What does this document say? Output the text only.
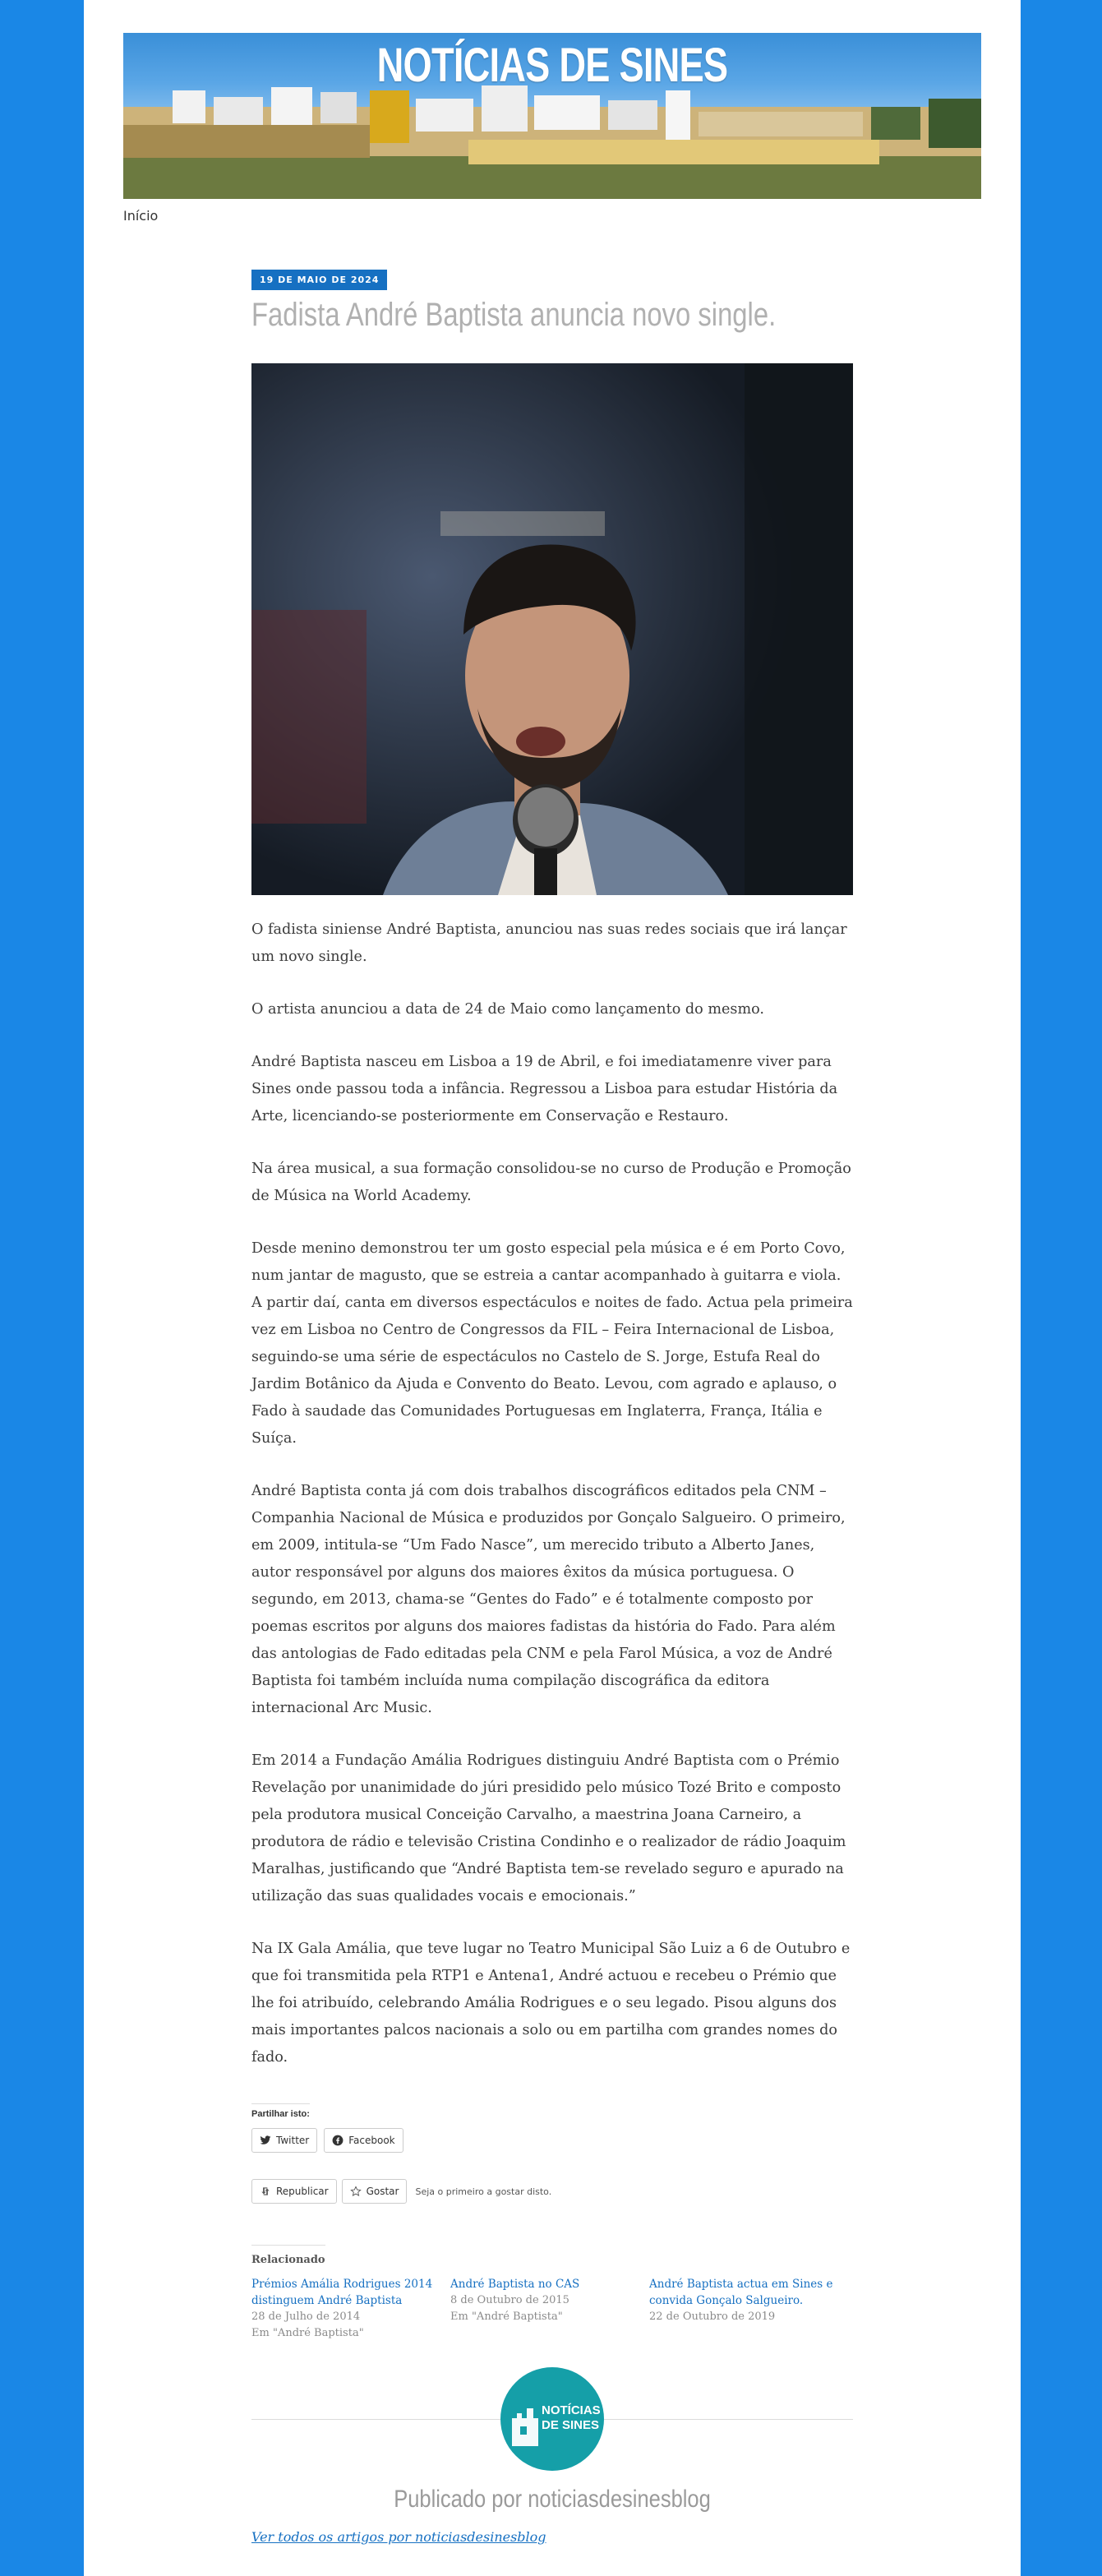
NOTÍCIAS DE SINES
Início
19 DE MAIO DE 2024
Fadista André Baptista anuncia novo single.

O fadista siniense André Baptista, anunciou nas suas redes sociais que irá lançar um novo single.

O artista anunciou a data de 24 de Maio como lançamento do mesmo.

André Baptista nasceu em Lisboa a 19 de Abril, e foi imediatamenre viver para Sines onde passou toda a infância. Regressou a Lisboa para estudar História da Arte, licenciando-se posteriormente em Conservação e Restauro.

Na área musical, a sua formação consolidou-se no curso de Produção e Promoção de Música na World Academy.

Desde menino demonstrou ter um gosto especial pela música e é em Porto Covo, num jantar de magusto, que se estreia a cantar acompanhado à guitarra e viola. A partir daí, canta em diversos espectáculos e noites de fado. Actua pela primeira vez em Lisboa no Centro de Congressos da FIL – Feira Internacional de Lisboa, seguindo-se uma série de espectáculos no Castelo de S. Jorge, Estufa Real do Jardim Botânico da Ajuda e Convento do Beato. Levou, com agrado e aplauso, o Fado à saudade das Comunidades Portuguesas em Inglaterra, França, Itália e Suíça.

André Baptista conta já com dois trabalhos discográficos editados pela CNM – Companhia Nacional de Música e produzidos por Gonçalo Salgueiro. O primeiro, em 2009, intitula-se “Um Fado Nasce”, um merecido tributo a Alberto Janes, autor responsável por alguns dos maiores êxitos da música portuguesa. O segundo, em 2013, chama-se “Gentes do Fado” e é totalmente composto por poemas escritos por alguns dos maiores fadistas da história do Fado. Para além das antologias de Fado editadas pela CNM e pela Farol Música, a voz de André Baptista foi também incluída numa compilação discográfica da editora internacional Arc Music.

Em 2014 a Fundação Amália Rodrigues distinguiu André Baptista com o Prémio Revelação por unanimidade do júri presidido pelo músico Tozé Brito e composto pela produtora musical Conceição Carvalho, a maestrina Joana Carneiro, a produtora de rádio e televisão Cristina Condinho e o realizador de rádio Joaquim Maralhas, justificando que “André Baptista tem-se revelado seguro e apurado na utilização das suas qualidades vocais e emocionais.”

Na IX Gala Amália, que teve lugar no Teatro Municipal São Luiz a 6 de Outubro e que foi transmitida pela RTP1 e Antena1, André actuou e recebeu o Prémio que lhe foi atribuído, celebrando Amália Rodrigues e o seu legado. Pisou alguns dos mais importantes palcos nacionais a solo ou em partilha com grandes nomes do fado.

Partilhar isto:
Twitter	Facebook
Republicar	Gostar Seja o primeiro a gostar disto.
Relacionado
Prémios Amália Rodrigues 2014 distinguem André Baptista
28 de Julho de 2014
Em "André Baptista"
André Baptista no CAS
8 de Outubro de 2015
Em "André Baptista"
André Baptista actua em Sines e convida Gonçalo Salgueiro.
22 de Outubro de 2019
NOTÍCIAS
DE SINES
Publicado por noticiasdesinesblog
Ver todos os artigos por noticiasdesinesblog
